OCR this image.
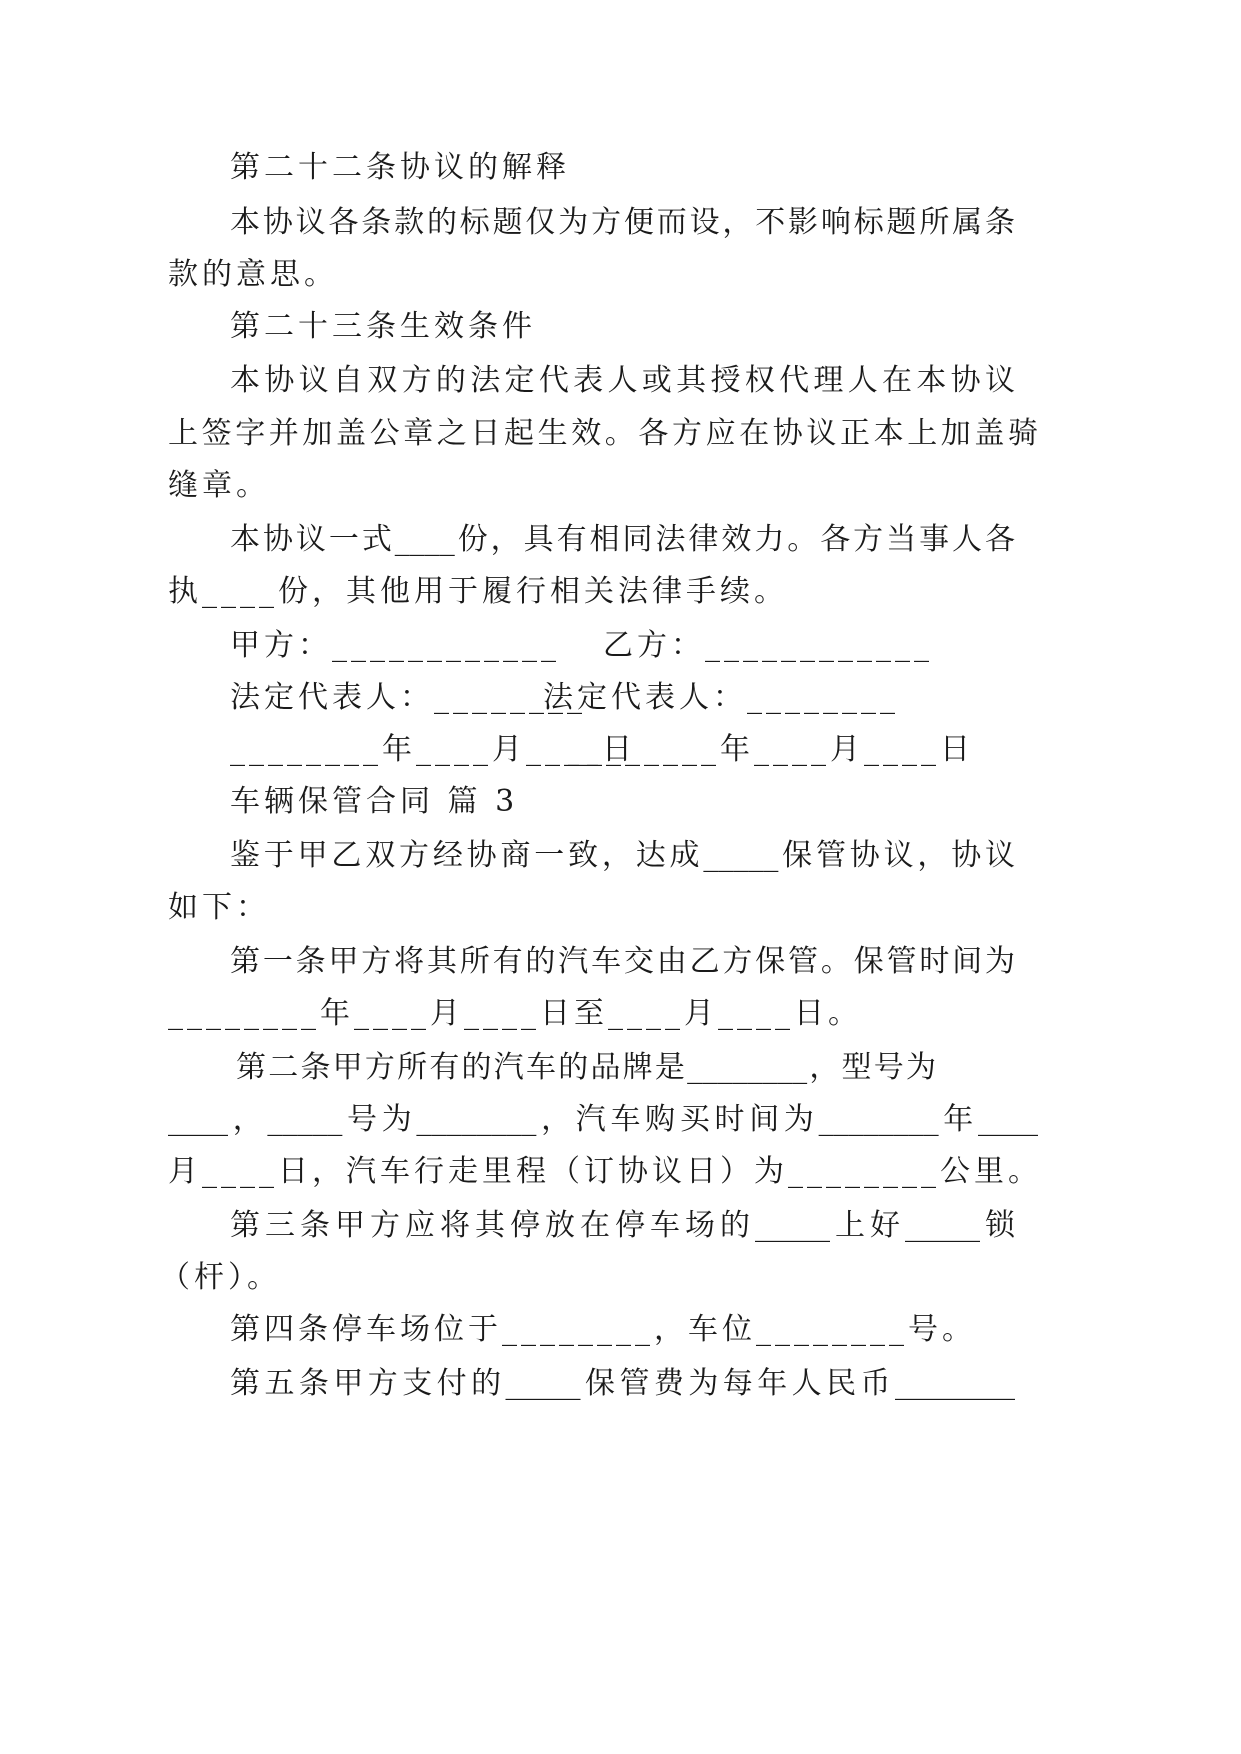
第二十二条协议的解释

本协议各条款的标题仅为方便而设，不影响标题所属条

款的意思。

第二十三条生效条件

本协议自双方的法定代表人或其授权代理人在本协议

上签字并加盖公章之日起生效。各方应在协议正本上加盖骑

缝章。

本协议一式____份，具有相同法律效力。各方当事人各

执____份，其他用于履行相关法律手续。

甲方：____________ 乙方：____________

法定代表人：________

法定代表人：________

________年____月____日

________年____月____日

车辆保管合同 篇 3

鉴于甲乙双方经协商一致，达成_____保管协议，协议

如下：

第一条甲方将其所有的汽车交由乙方保管。保管时间为

________年____月____日至____月____日。

第二条甲方所有的汽车的品牌是________，型号为

____，_____号为________，汽车购买时间为________年____

月____日，汽车行走里程（订协议日）为________公里。

第三条甲方应将其停放在停车场的_____上好_____锁

（杆）。

第四条停车场位于________，车位________号。

第五条甲方支付的_____保管费为每年人民币________
